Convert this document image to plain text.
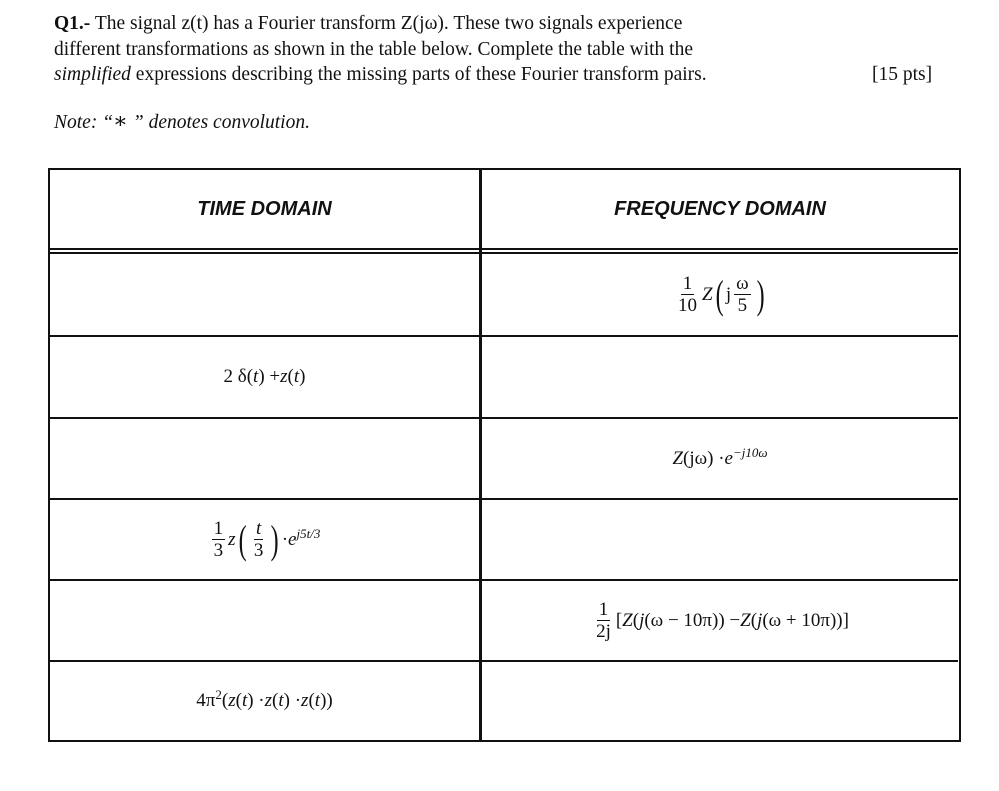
Q1.- The signal z(t) has a Fourier transform Z(jω). These two signals experience
different transformations as shown in the table below. Complete the table with the
simplified expressions describing the missing parts of these Fourier transform pairs.	[15 pts]
Note: “∗ ” denotes convolution.
TIME DOMAIN	FREQUENCY DOMAIN
$\frac{1}{10}$ Z ( j $\frac{\omega}{5}$ )
2 δ( t ) + z ( t )
Z $(j\omega) \cdot e^{-j10\omega}$
$\frac{1}{3}$ z ( $\frac{t}{3}$ ) · $e^{j5t/3}$
$\frac{1}{2j}$ [ Z ( j (ω − 10π)) − Z ( j (ω + 10π))]
$4\pi^2$ ( z ( t ) · z ( t ) · z ( t ))
